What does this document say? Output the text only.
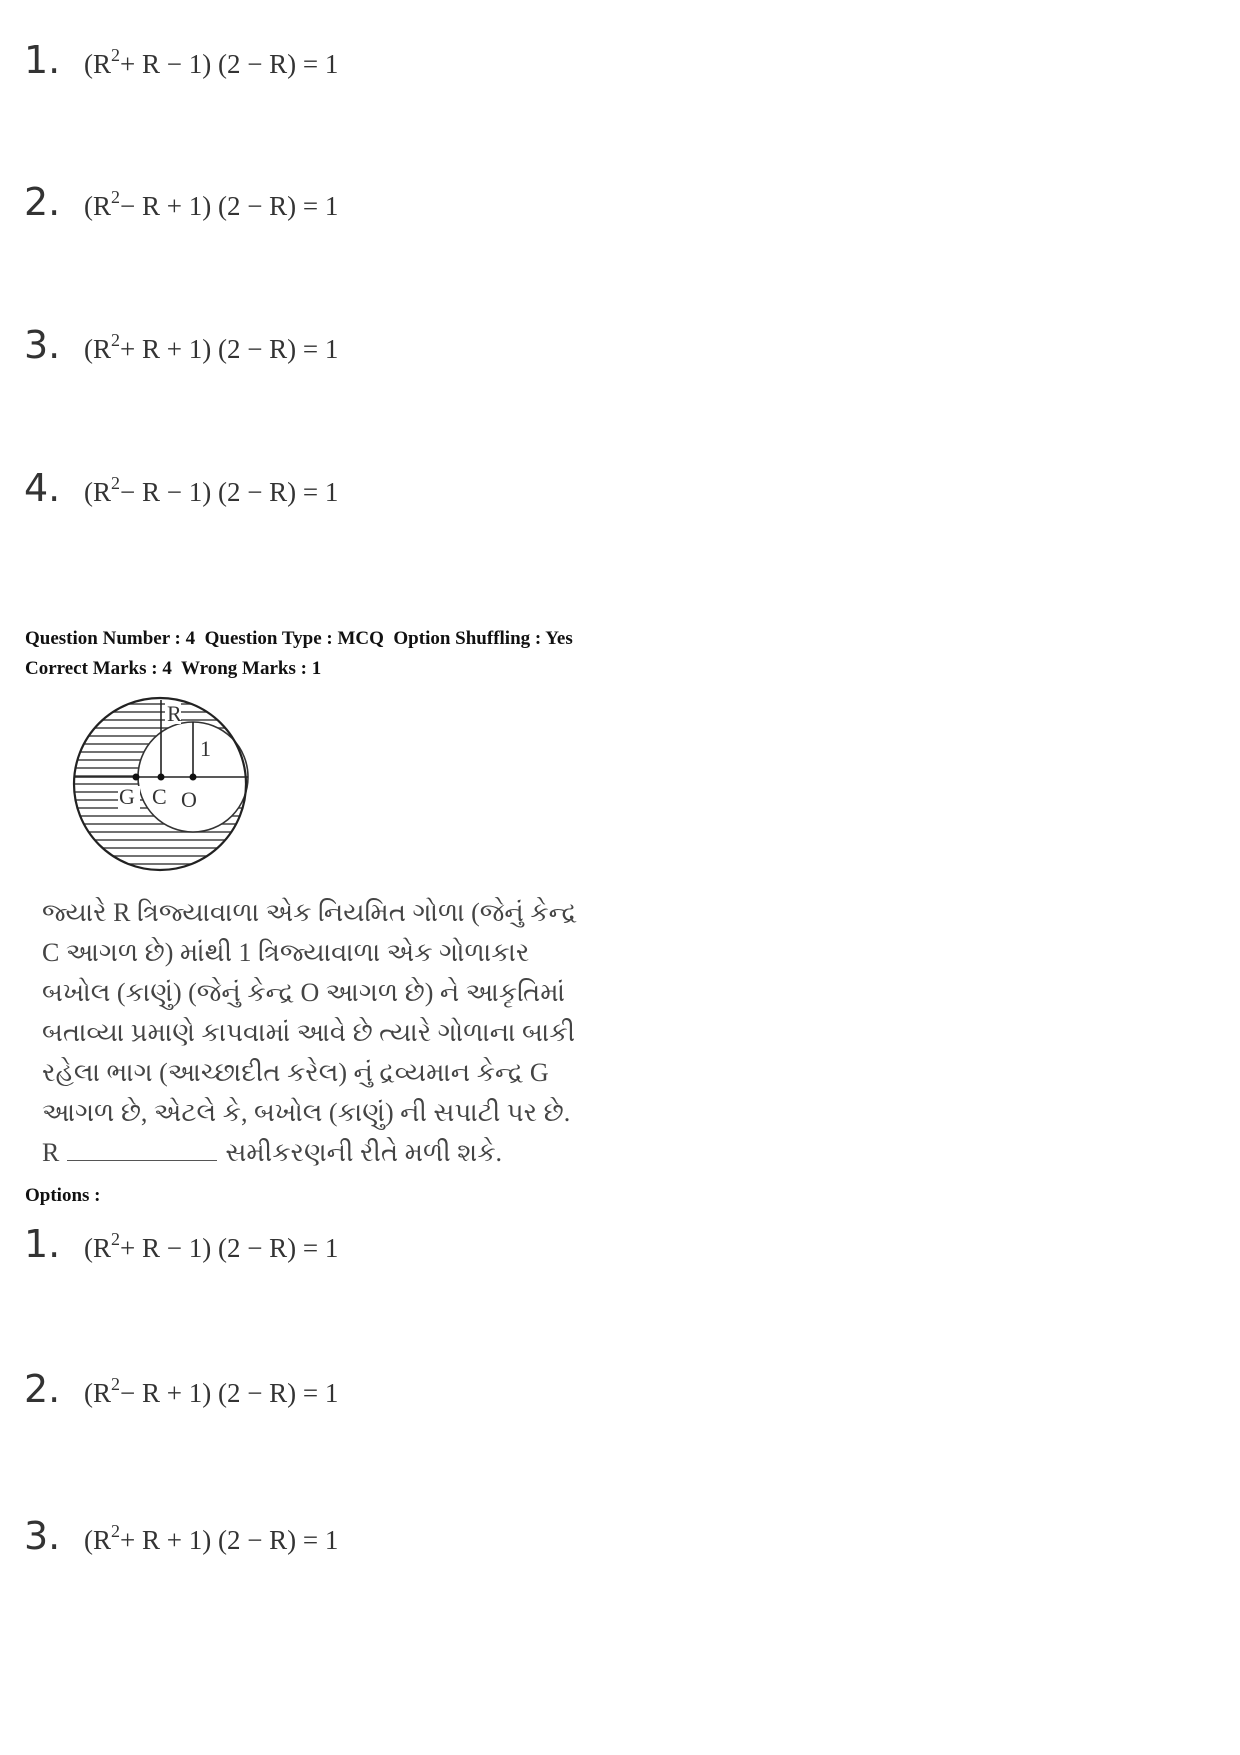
1. $(R^2+ R - 1) (2 - R) = 1$
2. $(R^2- R + 1) (2 - R) = 1$
3. $(R^2+ R + 1) (2 - R) = 1$
4. $(R^2- R - 1) (2 - R) = 1$
Question Number : 4  Question Type : MCQ  Option Shuffling : Yes
Correct Marks : 4  Wrong Marks : 1
R
1
G C O
જ્યારે R ત્રિજ્યાવાળા એક નિયમિત ગોળા (જેનું કેન્દ્ર
C આગળ છે) માંથી 1 ત્રિજ્યાવાળા એક ગોળાકાર
બખોલ (કાણું) (જેનું કેન્દ્ર O આગળ છે) ને આકૃતિમાં
બતાવ્યા પ્રમાણે કાપવામાં આવે છે ત્યારે ગોળાના બાકી
રહેલા ભાગ (આચ્છાદીત કરેલ) નું દ્રવ્યમાન કેન્દ્ર G
આગળ છે, એટલે કે, બખોલ (કાણું) ની સપાટી પર છે.
R	સમીકરણની રીતે મળી શકે.
Options :
1. $(R^2+ R - 1) (2 - R) = 1$
2. $(R^2- R + 1) (2 - R) = 1$
3. $(R^2+ R + 1) (2 - R) = 1$
